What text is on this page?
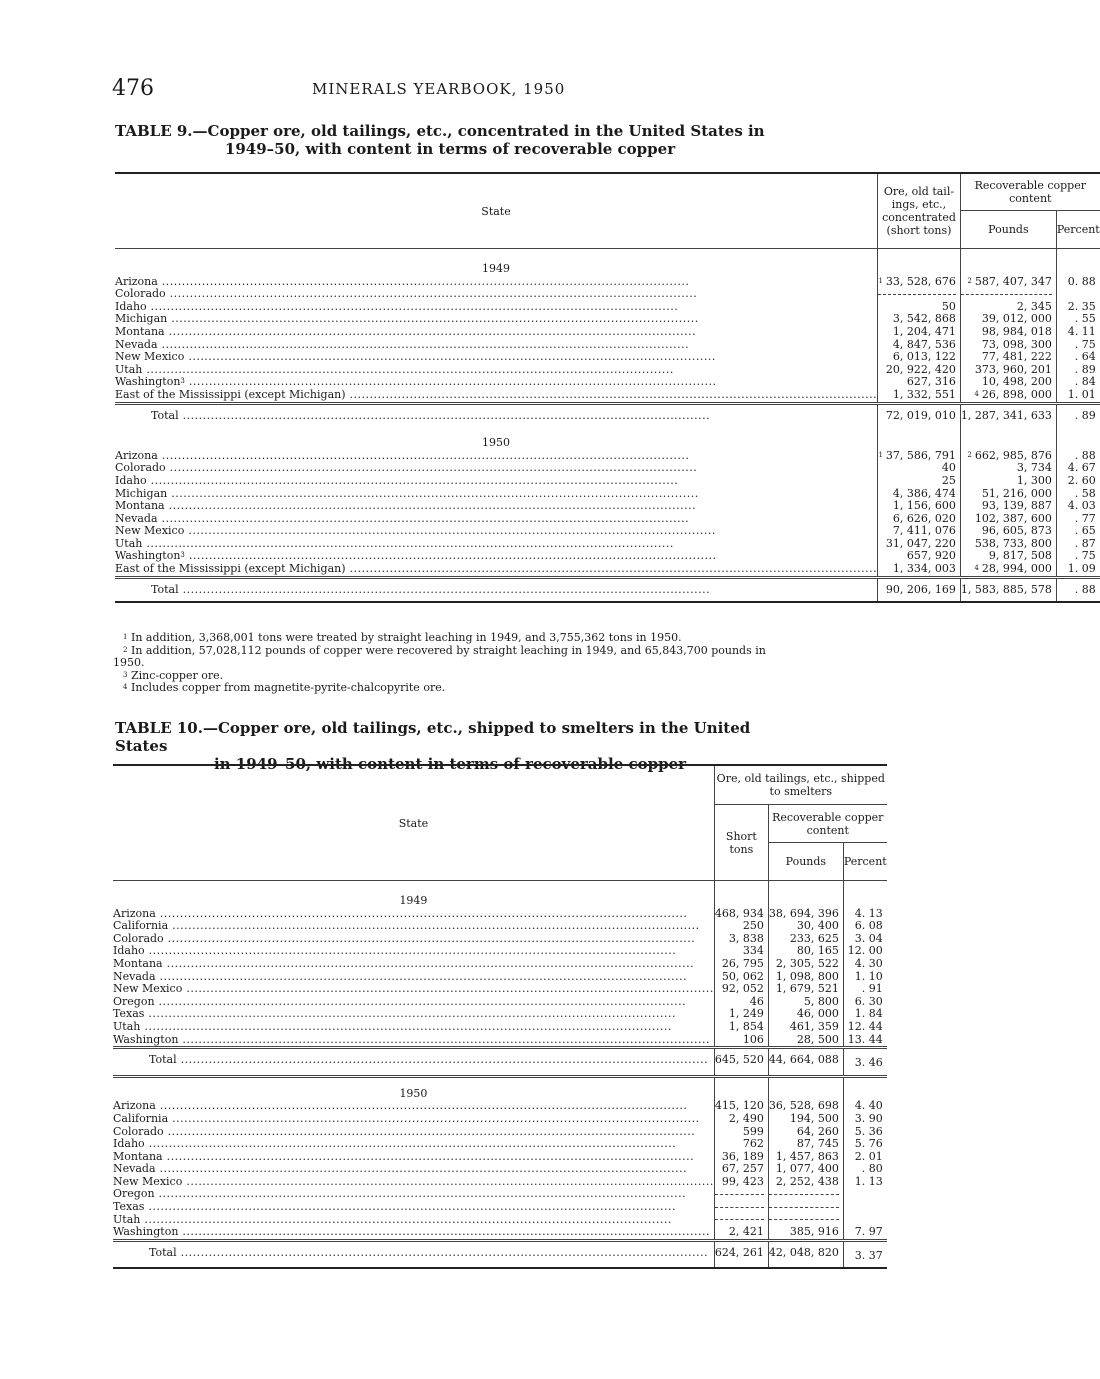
476	MINERALS YEARBOOK, 1950
TABLE 9.—Copper ore, old tailings, etc., concentrated in the United States in
1949–50, with content in terms of recoverable copper
State	Ore, old tail-ings, etc., concentrated (short tons)	Recoverable copper content	
		Pounds	Percent
1949			
Arizona .....	$^1$ 33, 528, 676	$^2$ 587, 407, 347	0. 88
Colorado .....	

Idaho .....	50	2, 345	2. 35
Michigan .....	3, 542, 868	39, 012, 000	. 55
Montana .....	1, 204, 471	98, 984, 018	4. 11
Nevada .....	4, 847, 536	73, 098, 300	. 75
New Mexico .....	6, 013, 122	77, 481, 222	. 64
Utah .....	20, 922, 420	373, 960, 201	. 89
Washington$^3$ .....	627, 316	10, 498, 200	. 84
East of the Mississippi (except Michigan) .....	1, 332, 551	$^4$ 26, 898, 000	1. 01
Total .....	72, 019, 010	1, 287, 341, 633	. 89
1950			
Arizona .....	$^1$ 37, 586, 791	$^2$ 662, 985, 876	. 88
Colorado .....	40	3, 734	4. 67
Idaho .....	25	1, 300	2. 60
Michigan .....	4, 386, 474	51, 216, 000	. 58
Montana .....	1, 156, 600	93, 139, 887	4. 03
Nevada .....	6, 626, 020	102, 387, 600	. 77
New Mexico .....	7, 411, 076	96, 605, 873	. 65
Utah .....	31, 047, 220	538, 733, 800	. 87
Washington$^3$ .....	657, 920	9, 817, 508	. 75
East of the Mississippi (except Michigan) .....	1, 334, 003	$^4$ 28, 994, 000	1. 09
Total .....	90, 206, 169	1, 583, 885, 578	. 88

$^1$ In addition, 3,368,001 tons were treated by straight leaching in 1949, and 3,755,362 tons in 1950.

$^2$ In addition, 57,028,112 pounds of copper were recovered by straight leaching in 1949, and 65,843,700 pounds in 1950.

$^3$ Zinc-copper ore.

$^4$ Includes copper from magnetite-pyrite-chalcopyrite ore.

TABLE 10.—Copper ore, old tailings, etc., shipped to smelters in the United States
in 1949–50, with content in terms of recoverable copper
State	Ore, old tailings, etc., shipped to smelters		
	Short tons	Recoverable copper content	
		Pounds	Percent
1949			
Arizona .....	468, 934	38, 694, 396	4. 13
California .....	250	30, 400	6. 08
Colorado .....	3, 838	233, 625	3. 04
Idaho .....	334	80, 165	12. 00
Montana .....	26, 795	2, 305, 522	4. 30
Nevada .....	50, 062	1, 098, 800	1. 10
New Mexico .....	92, 052	1, 679, 521	. 91
Oregon .....	46	5, 800	6. 30
Texas .....	1, 249	46, 000	1. 84
Utah .....	1, 854	461, 359	12. 44
Washington .....	106	28, 500	13. 44
Total .....	645, 520	44, 664, 088	3. 46
1950			
Arizona .....	415, 120	36, 528, 698	4. 40
California .....	2, 490	194, 500	3. 90
Colorado .....	599	64, 260	5. 36
Idaho .....	762	87, 745	5. 76
Montana .....	36, 189	1, 457, 863	2. 01
Nevada .....	67, 257	1, 077, 400	. 80
New Mexico .....	99, 423	2, 252, 438	1. 13
Oregon .....	

Texas .....	

Utah .....	

Washington .....	2, 421	385, 916	7. 97
Total .....	624, 261	42, 048, 820	3. 37
